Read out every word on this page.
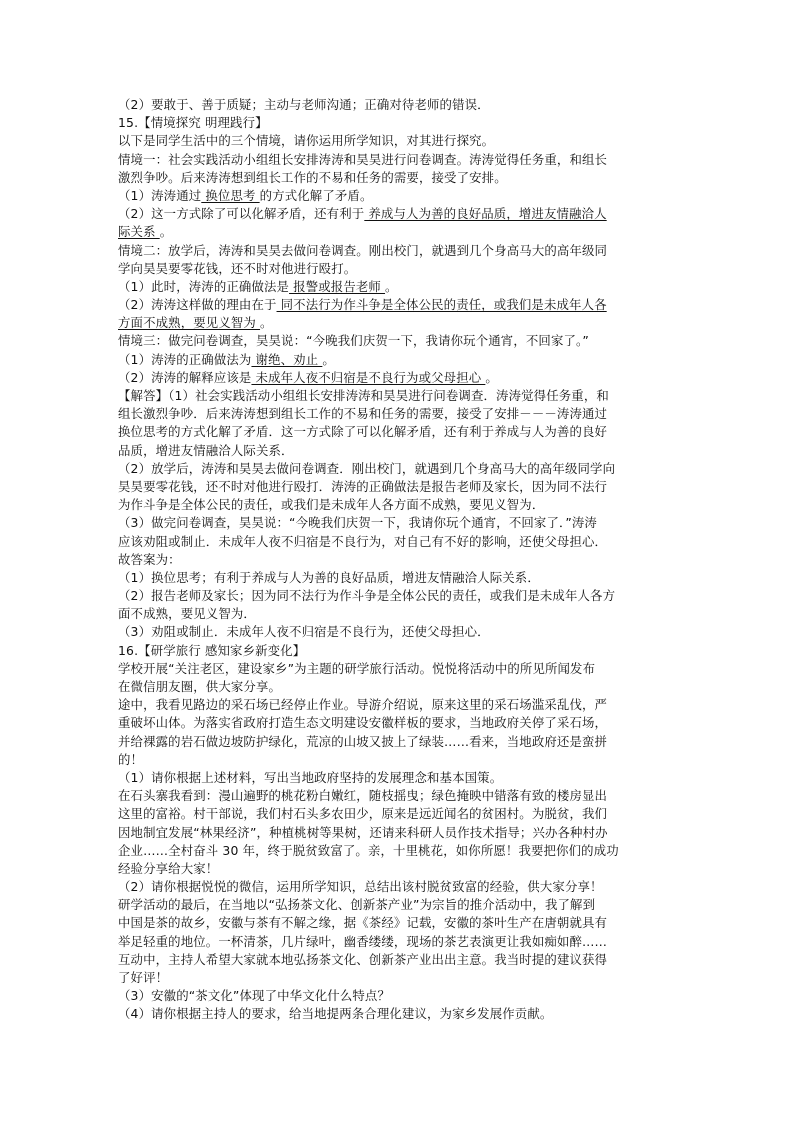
（2）要敢于、善于质疑；主动与老师沟通；正确对待老师的错误．
15.【情境探究 明理践行】
以下是同学生活中的三个情境，请你运用所学知识，对其进行探究。
情境一：社会实践活动小组组长安排涛涛和昊昊进行问卷调查。涛涛觉得任务重，和组长
激烈争吵。后来涛涛想到组长工作的不易和任务的需要，接受了安排。
（1）涛涛通过 换位思考 的方式化解了矛盾。
（2）这一方式除了可以化解矛盾，还有利于 养成与人为善的良好品质，增进友情融洽人
际关系 。
情境二：放学后，涛涛和昊昊去做问卷调查。刚出校门，就遇到几个身高马大的高年级同
学向昊昊要零花钱，还不时对他进行殴打。
（1）此时，涛涛的正确做法是 报警或报告老师 。
（2）涛涛这样做的理由在于 同不法行为作斗争是全体公民的责任，或我们是未成年人各
方面不成熟，要见义智为 。
情境三：做完问卷调查，昊昊说：“今晚我们庆贺一下，我请你玩个通宵，不回家了。”
（1）涛涛的正确做法为 谢绝、劝止 。
（2）涛涛的解释应该是 未成年人夜不归宿是不良行为或父母担心 。
【解答】（1）社会实践活动小组组长安排涛涛和昊昊进行问卷调查．涛涛觉得任务重，和
组长激烈争吵．后来涛涛想到组长工作的不易和任务的需要，接受了安排－－－涛涛通过
换位思考的方式化解了矛盾．这一方式除了可以化解矛盾，还有利于养成与人为善的良好
品质，增进友情融洽人际关系．
（2）放学后，涛涛和昊昊去做问卷调查．刚出校门，就遇到几个身高马大的高年级同学向
昊昊要零花钱，还不时对他进行殴打．涛涛的正确做法是报告老师及家长，因为同不法行
为作斗争是全体公民的责任，或我们是未成年人各方面不成熟，要见义智为．
（3）做完问卷调查，昊昊说：“今晚我们庆贺一下，我请你玩个通宵，不回家了．”涛涛
应该劝阻或制止．未成年人夜不归宿是不良行为，对自己有不好的影响，还使父母担心．
故答案为：
（1）换位思考；有利于养成与人为善的良好品质，增进友情融洽人际关系．
（2）报告老师及家长；因为同不法行为作斗争是全体公民的责任，或我们是未成年人各方
面不成熟，要见义智为．
（3）劝阻或制止．未成年人夜不归宿是不良行为，还使父母担心．
16.【研学旅行 感知家乡新变化】
学校开展“关注老区，建设家乡”为主题的研学旅行活动。悦悦将活动中的所见所闻发布
在微信朋友圈，供大家分享。
途中，我看见路边的采石场已经停止作业。导游介绍说，原来这里的采石场滥采乱伐，严
重破坏山体。为落实省政府打造生态文明建设安徽样板的要求，当地政府关停了采石场，
并给裸露的岩石做边坡防护绿化，荒凉的山坡又披上了绿装……看来，当地政府还是蛮拼
的！
（1）请你根据上述材料，写出当地政府坚持的发展理念和基本国策。
在石头寨我看到：漫山遍野的桃花粉白嫩红，随枝摇曳；绿色掩映中错落有致的楼房显出
这里的富裕。村干部说，我们村石头多农田少，原来是远近闻名的贫困村。为脱贫，我们
因地制宜发展“林果经济”，种植桃树等果树，还请来科研人员作技术指导；兴办各种村办
企业……全村奋斗 30 年，终于脱贫致富了。亲，十里桃花，如你所愿！我要把你们的成功
经验分享给大家！
（2）请你根据悦悦的微信，运用所学知识，总结出该村脱贫致富的经验，供大家分享！
研学活动的最后，在当地以“弘扬茶文化、创新茶产业”为宗旨的推介活动中，我了解到
中国是茶的故乡，安徽与茶有不解之缘，据《茶经》记载，安徽的茶叶生产在唐朝就具有
举足轻重的地位。一杯清茶，几片绿叶，幽香缕缕，现场的茶艺表演更让我如痴如醉……
互动中，主持人希望大家就本地弘扬茶文化、创新茶产业出出主意。我当时提的建议获得
了好评！
（3）安徽的“茶文化”体现了中华文化什么特点？
（4）请你根据主持人的要求，给当地提两条合理化建议，为家乡发展作贡献。
